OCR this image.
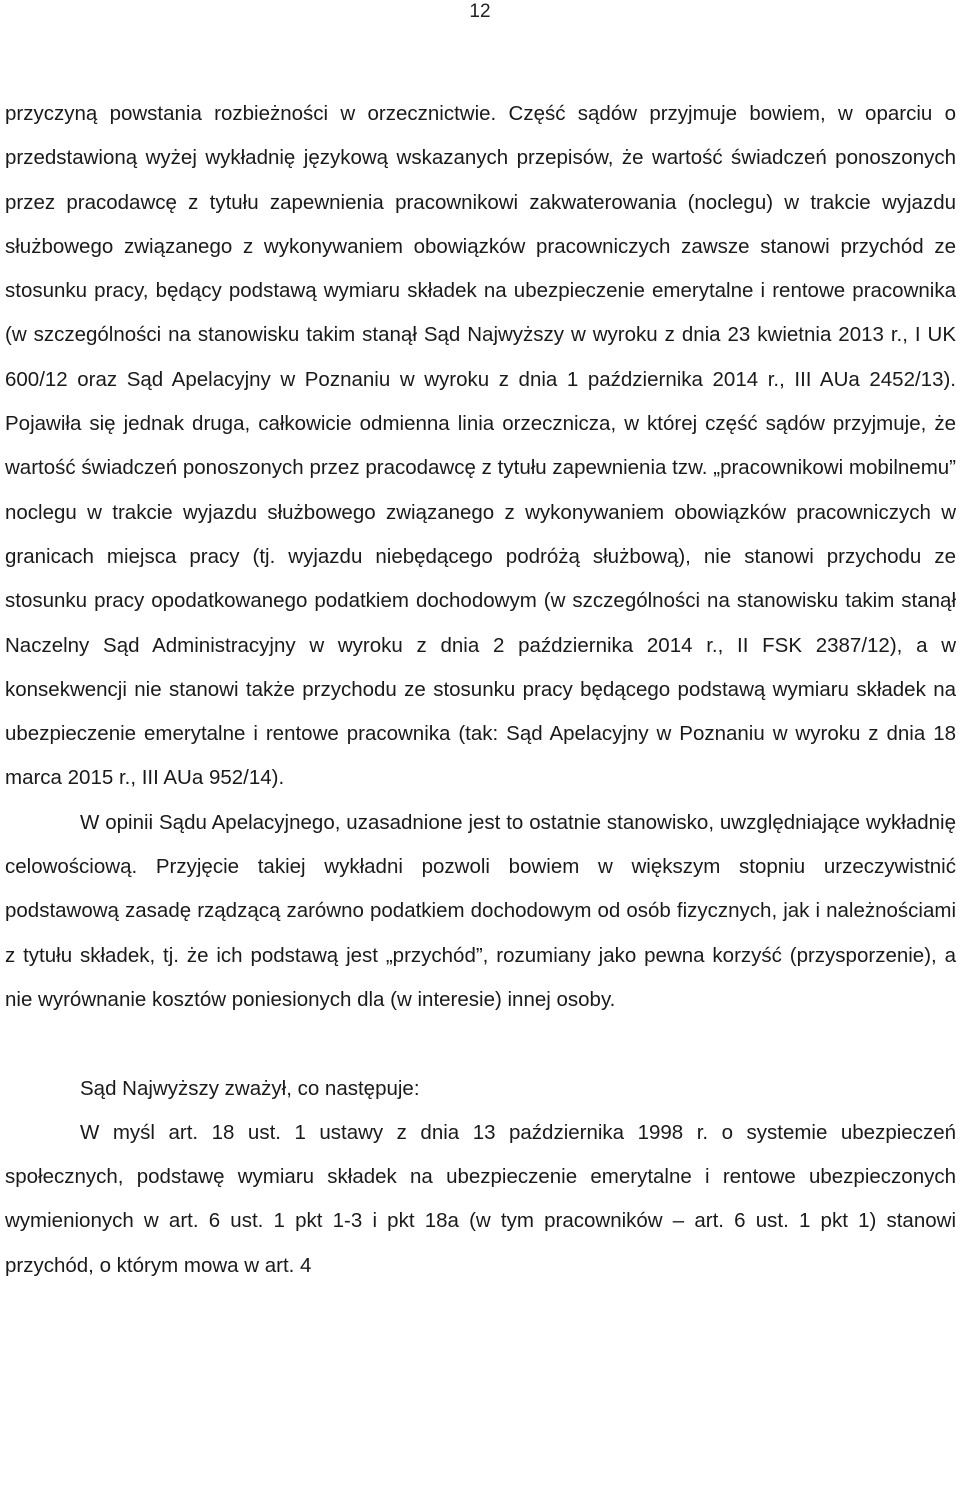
12

przyczyną powstania rozbieżności w orzecznictwie. Część sądów przyjmuje bowiem, w oparciu o przedstawioną wyżej wykładnię językową wskazanych przepisów, że wartość świadczeń ponoszonych przez pracodawcę z tytułu zapewnienia pracownikowi zakwaterowania (noclegu) w trakcie wyjazdu służbowego związanego z wykonywaniem obowiązków pracowniczych zawsze stanowi przychód ze stosunku pracy, będący podstawą wymiaru składek na ubezpieczenie emerytalne i rentowe pracownika (w szczególności na stanowisku takim stanął Sąd Najwyższy w wyroku z dnia 23 kwietnia 2013 r., I UK 600/12 oraz Sąd Apelacyjny w Poznaniu w wyroku z dnia 1 października 2014 r., III AUa 2452/13). Pojawiła się jednak druga, całkowicie odmienna linia orzecznicza, w której część sądów przyjmuje, że wartość świadczeń ponoszonych przez pracodawcę z tytułu zapewnienia tzw. „pracownikowi mobilnemu” noclegu w trakcie wyjazdu służbowego związanego z wykonywaniem obowiązków pracowniczych w granicach miejsca pracy (tj. wyjazdu niebędącego podróżą służbową), nie stanowi przychodu ze stosunku pracy opodatkowanego podatkiem dochodowym (w szczególności na stanowisku takim stanął Naczelny Sąd Administracyjny w wyroku z dnia 2 października 2014 r., II FSK 2387/12), a w konsekwencji nie stanowi także przychodu ze stosunku pracy będącego podstawą wymiaru składek na ubezpieczenie emerytalne i rentowe pracownika (tak: Sąd Apelacyjny w Poznaniu w wyroku z dnia 18 marca 2015 r., III AUa 952/14).

W opinii Sądu Apelacyjnego, uzasadnione jest to ostatnie stanowisko, uwzględniające wykładnię celowościową. Przyjęcie takiej wykładni pozwoli bowiem w większym stopniu urzeczywistnić podstawową zasadę rządzącą zarówno podatkiem dochodowym od osób fizycznych, jak i należnościami z tytułu składek, tj. że ich podstawą jest „przychód”, rozumiany jako pewna korzyść (przysporzenie), a nie wyrównanie kosztów poniesionych dla (w interesie) innej osoby.

Sąd Najwyższy zważył, co następuje:

W myśl art. 18 ust. 1 ustawy z dnia 13 października 1998 r. o systemie ubezpieczeń społecznych, podstawę wymiaru składek na ubezpieczenie emerytalne i rentowe ubezpieczonych wymienionych w art. 6 ust. 1 pkt 1-3 i pkt 18a (w tym pracowników – art. 6 ust. 1 pkt 1) stanowi przychód, o którym mowa w art. 4
